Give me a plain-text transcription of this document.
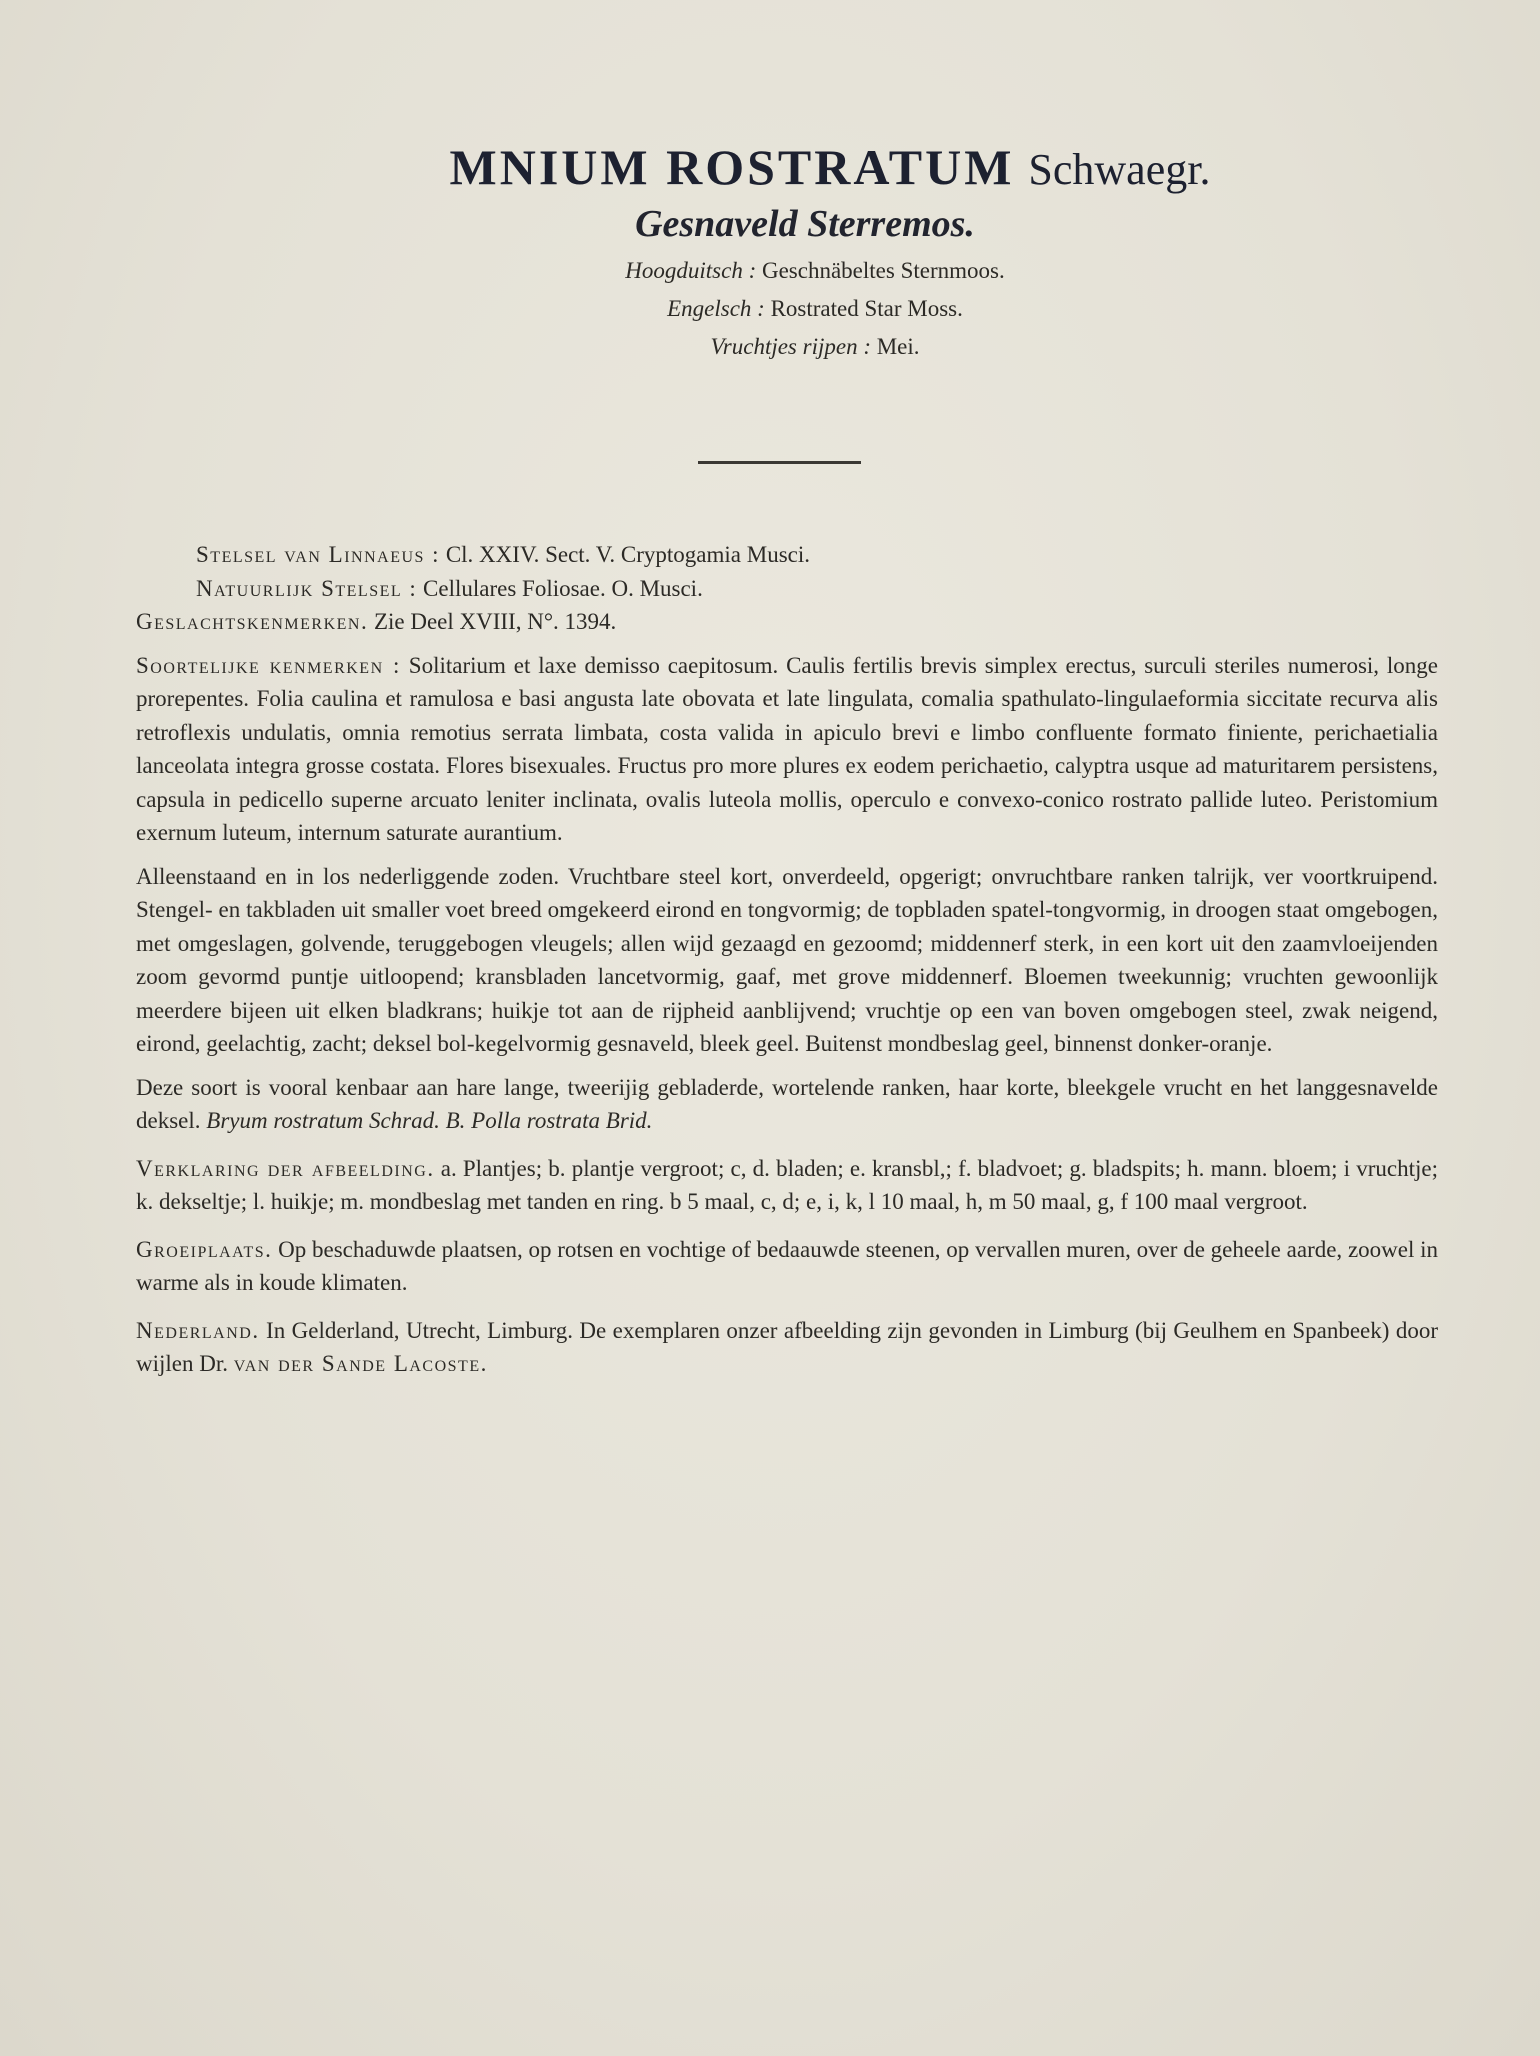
MNIUM ROSTRATUM Schwaegr.
Gesnaveld Sterremos.
Hoogduitsch : Geschnäbeltes Sternmoos.
Engelsch : Rostrated Star Moss.
Vruchtjes rijpen : Mei.

Stelsel van Linnaeus : Cl. XXIV. Sect. V. Cryptogamia Musci.

Natuurlijk Stelsel : Cellulares Foliosae. O. Musci.

Geslachtskenmerken. Zie Deel XVIII, N°. 1394.

Soortelijke kenmerken : Solitarium et laxe demisso caepitosum. Caulis fertilis brevis simplex erectus, surculi steriles numerosi, longe prorepentes. Folia caulina et ramulosa e basi angusta late obovata et late lingulata, comalia spathulato-lingulaeformia siccitate recurva alis retroflexis undulatis, omnia remotius serrata limbata, costa valida in apiculo brevi e limbo confluente formato finiente, perichaetialia lanceolata integra grosse costata. Flores bisexuales. Fructus pro more plures ex eodem perichaetio, calyptra usque ad maturitarem persistens, capsula in pedicello superne arcuato leniter inclinata, ovalis luteola mollis, operculo e convexo-conico rostrato pallide luteo. Peristomium exernum luteum, internum saturate aurantium.

Alleenstaand en in los nederliggende zoden. Vruchtbare steel kort, onverdeeld, opgerigt; onvruchtbare ranken talrijk, ver voortkruipend. Stengel- en takbladen uit smaller voet breed omgekeerd eirond en tongvormig; de topbladen spatel-tongvormig, in droogen staat omgebogen, met omgeslagen, golvende, teruggebogen vleugels; allen wijd gezaagd en gezoomd; middennerf sterk, in een kort uit den zaamvloeijenden zoom gevormd puntje uitloopend; kransbladen lancetvormig, gaaf, met grove middennerf. Bloemen tweekunnig; vruchten gewoonlijk meerdere bijeen uit elken bladkrans; huikje tot aan de rijpheid aanblijvend; vruchtje op een van boven omgebogen steel, zwak neigend, eirond, geelachtig, zacht; deksel bol-kegelvormig gesnaveld, bleek geel. Buitenst mondbeslag geel, binnenst donker-oranje.

Deze soort is vooral kenbaar aan hare lange, tweerijig gebladerde, wortelende ranken, haar korte, bleekgele vrucht en het langgesnavelde deksel. Bryum rostratum Schrad. B. Polla rostrata Brid.

Verklaring der afbeelding. a. Plantjes; b. plantje vergroot; c, d. bladen; e. kransbl,; f. bladvoet; g. bladspits; h. mann. bloem; i vruchtje; k. dekseltje; l. huikje; m. mondbeslag met tanden en ring. b 5 maal, c, d; e, i, k, l 10 maal, h, m 50 maal, g, f 100 maal vergroot.

Groeiplaats. Op beschaduwde plaatsen, op rotsen en vochtige of bedaauwde steenen, op vervallen muren, over de geheele aarde, zoowel in warme als in koude klimaten.

Nederland. In Gelderland, Utrecht, Limburg. De exemplaren onzer afbeelding zijn gevonden in Limburg (bij Geulhem en Spanbeek) door wijlen Dr. van der Sande Lacoste.
